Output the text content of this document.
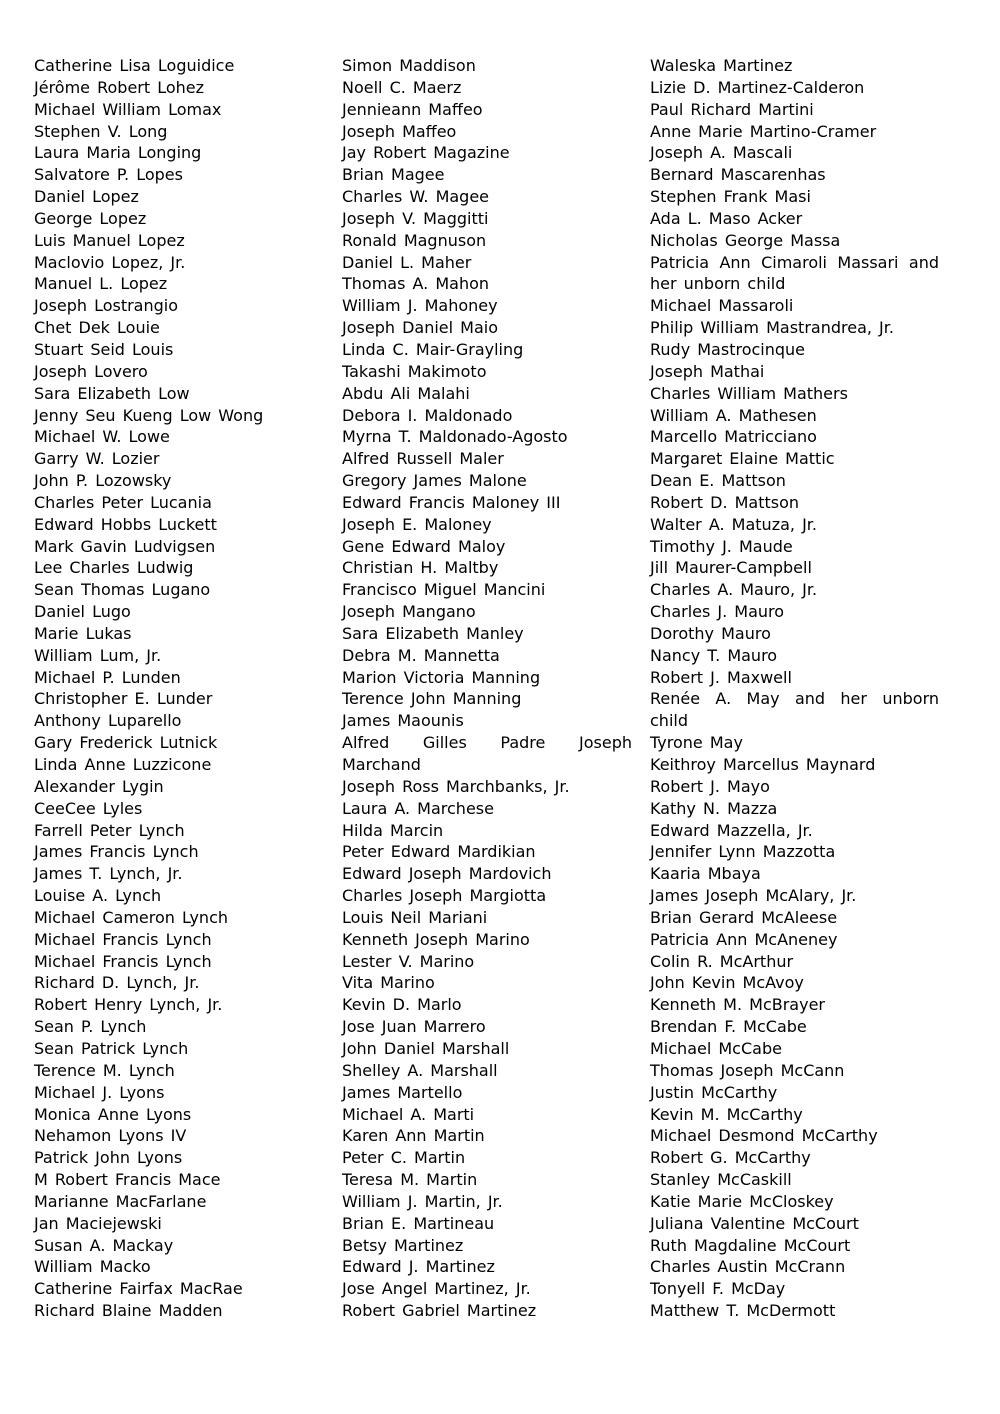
Catherine Lisa Loguidice
Jérôme Robert Lohez
Michael William Lomax
Stephen V. Long
Laura Maria Longing
Salvatore P. Lopes
Daniel Lopez
George Lopez
Luis Manuel Lopez
Maclovio Lopez, Jr.
Manuel L. Lopez
Joseph Lostrangio
Chet Dek Louie
Stuart Seid Louis
Joseph Lovero
Sara Elizabeth Low
Jenny Seu Kueng Low Wong
Michael W. Lowe
Garry W. Lozier
John P. Lozowsky
Charles Peter Lucania
Edward Hobbs Luckett
Mark Gavin Ludvigsen
Lee Charles Ludwig
Sean Thomas Lugano
Daniel Lugo
Marie Lukas
William Lum, Jr.
Michael P. Lunden
Christopher E. Lunder
Anthony Luparello
Gary Frederick Lutnick
Linda Anne Luzzicone
Alexander Lygin
CeeCee Lyles
Farrell Peter Lynch
James Francis Lynch
James T. Lynch, Jr.
Louise A. Lynch
Michael Cameron Lynch
Michael Francis Lynch
Michael Francis Lynch
Richard D. Lynch, Jr.
Robert Henry Lynch, Jr.
Sean P. Lynch
Sean Patrick Lynch
Terence M. Lynch
Michael J. Lyons
Monica Anne Lyons
Nehamon Lyons IV
Patrick John Lyons
M Robert Francis Mace
Marianne MacFarlane
Jan Maciejewski
Susan A. Mackay
William Macko
Catherine Fairfax MacRae
Richard Blaine Madden
Simon Maddison
Noell C. Maerz
Jennieann Maffeo
Joseph Maffeo
Jay Robert Magazine
Brian Magee
Charles W. Magee
Joseph V. Maggitti
Ronald Magnuson
Daniel L. Maher
Thomas A. Mahon
William J. Mahoney
Joseph Daniel Maio
Linda C. Mair-Grayling
Takashi Makimoto
Abdu Ali Malahi
Debora I. Maldonado
Myrna T. Maldonado-Agosto
Alfred Russell Maler
Gregory James Malone
Edward Francis Maloney III
Joseph E. Maloney
Gene Edward Maloy
Christian H. Maltby
Francisco Miguel Mancini
Joseph Mangano
Sara Elizabeth Manley
Debra M. Mannetta
Marion Victoria Manning
Terence John Manning
James Maounis
Alfred Gilles Padre Joseph Marchand
Joseph Ross Marchbanks, Jr.
Laura A. Marchese
Hilda Marcin
Peter Edward Mardikian
Edward Joseph Mardovich
Charles Joseph Margiotta
Louis Neil Mariani
Kenneth Joseph Marino
Lester V. Marino
Vita Marino
Kevin D. Marlo
Jose Juan Marrero
John Daniel Marshall
Shelley A. Marshall
James Martello
Michael A. Marti
Karen Ann Martin
Peter C. Martin
Teresa M. Martin
William J. Martin, Jr.
Brian E. Martineau
Betsy Martinez
Edward J. Martinez
Jose Angel Martinez, Jr.
Robert Gabriel Martinez
Waleska Martinez
Lizie D. Martinez-Calderon
Paul Richard Martini
Anne Marie Martino-Cramer
Joseph A. Mascali
Bernard Mascarenhas
Stephen Frank Masi
Ada L. Maso Acker
Nicholas George Massa
Patricia Ann Cimaroli Massari and her unborn child
Michael Massaroli
Philip William Mastrandrea, Jr.
Rudy Mastrocinque
Joseph Mathai
Charles William Mathers
William A. Mathesen
Marcello Matricciano
Margaret Elaine Mattic
Dean E. Mattson
Robert D. Mattson
Walter A. Matuza, Jr.
Timothy J. Maude
Jill Maurer-Campbell
Charles A. Mauro, Jr.
Charles J. Mauro
Dorothy Mauro
Nancy T. Mauro
Robert J. Maxwell
Renée A. May and her unborn child
Tyrone May
Keithroy Marcellus Maynard
Robert J. Mayo
Kathy N. Mazza
Edward Mazzella, Jr.
Jennifer Lynn Mazzotta
Kaaria Mbaya
James Joseph McAlary, Jr.
Brian Gerard McAleese
Patricia Ann McAneney
Colin R. McArthur
John Kevin McAvoy
Kenneth M. McBrayer
Brendan F. McCabe
Michael McCabe
Thomas Joseph McCann
Justin McCarthy
Kevin M. McCarthy
Michael Desmond McCarthy
Robert G. McCarthy
Stanley McCaskill
Katie Marie McCloskey
Juliana Valentine McCourt
Ruth Magdaline McCourt
Charles Austin McCrann
Tonyell F. McDay
Matthew T. McDermott
